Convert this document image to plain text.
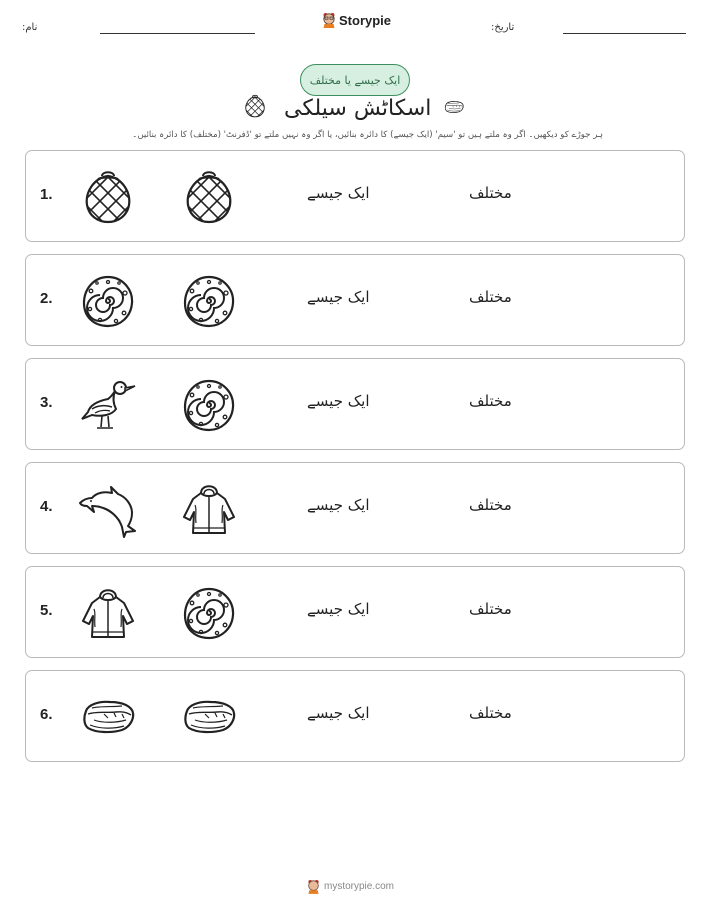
نام:	Storypie	تاریخ:
ایک جیسے یا مختلف
اسکاٹش سیلکی
ہر جوڑے کو دیکھیں۔ اگر وہ ملتے ہیں تو 'سیم' (ایک جیسے) کا دائرہ بنائیں، یا اگر وہ نہیں ملتے تو 'ڈفرنٹ' (مختلف) کا دائرہ بنائیں۔
1.	ایک جیسے	مختلف
2.	ایک جیسے	مختلف
3.	ایک جیسے	مختلف
4.	ایک جیسے	مختلف
5.	ایک جیسے	مختلف
6.	ایک جیسے	مختلف
mystorypie.com
